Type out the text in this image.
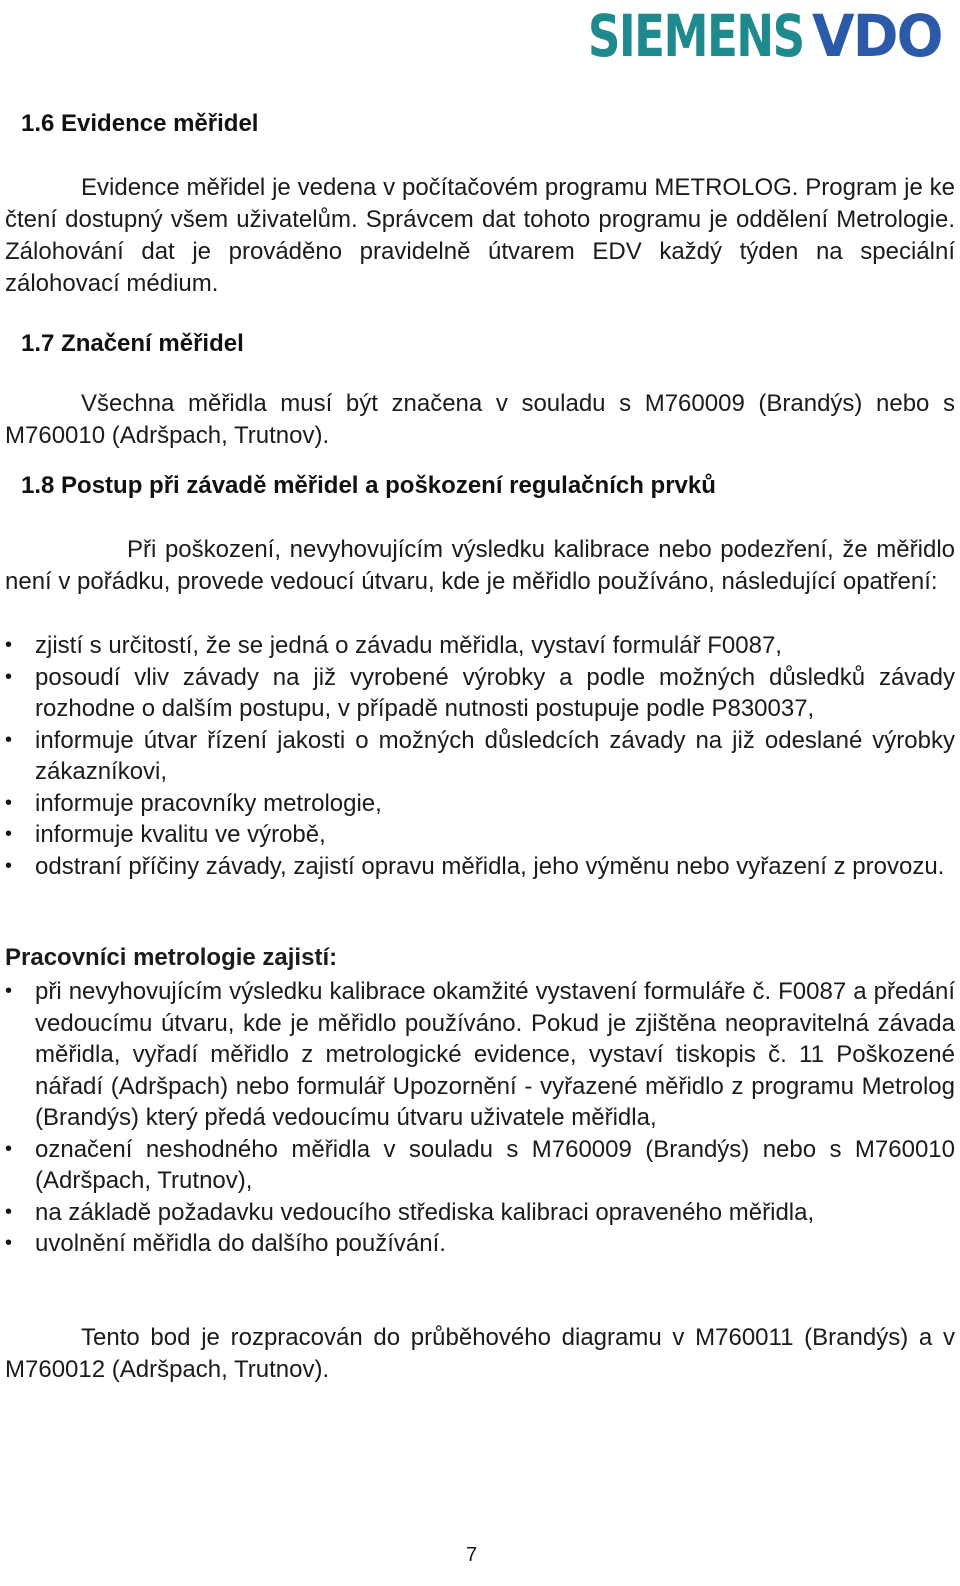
SIEMENS VDO
1.6 Evidence měřidel

Evidence měřidel je vedena v počítačovém programu METROLOG. Program je ke čtení dostupný všem uživatelům. Správcem dat tohoto programu je oddělení Metrologie. Zálohování dat je prováděno pravidelně útvarem EDV každý týden na speciální zálohovací médium.

1.7 Značení měřidel

Všechna měřidla musí být značena v souladu s M760009 (Brandýs) nebo s M760010 (Adršpach, Trutnov).

1.8 Postup při závadě měřidel a poškození regulačních prvků

Při poškození, nevyhovujícím výsledku kalibrace nebo podezření, že měřidlo není v pořádku, provede vedoucí útvaru, kde je měřidlo používáno, následující opatření:

• zjistí s určitostí, že se jedná o závadu měřidla, vystaví formulář F0087,
• posoudí vliv závady na již vyrobené výrobky a podle možných důsledků závady rozhodne o dalším postupu, v případě nutnosti postupuje podle P830037,
• informuje útvar řízení jakosti o možných důsledcích závady na již odeslané výrobky zákazníkovi,
• informuje pracovníky metrologie,
• informuje kvalitu ve výrobě,
• odstraní příčiny závady, zajistí opravu měřidla, jeho výměnu nebo vyřazení z provozu.

Pracovníci metrologie zajistí:

• při nevyhovujícím výsledku kalibrace okamžité vystavení formuláře č. F0087 a předání vedoucímu útvaru, kde je měřidlo používáno. Pokud je zjištěna neopravitelná závada měřidla, vyřadí měřidlo z metrologické evidence, vystaví tiskopis č. 11 Poškozené nářadí (Adršpach) nebo formulář Upozornění - vyřazené měřidlo z programu Metrolog (Brandýs) který předá vedoucímu útvaru uživatele měřidla,
• označení neshodného měřidla v souladu s M760009 (Brandýs) nebo s M760010 (Adršpach, Trutnov),
• na základě požadavku vedoucího střediska kalibraci opraveného měřidla,
• uvolnění měřidla do dalšího používání.

Tento bod je rozpracován do průběhového diagramu v M760011 (Brandýs) a v M760012 (Adršpach, Trutnov).

7
